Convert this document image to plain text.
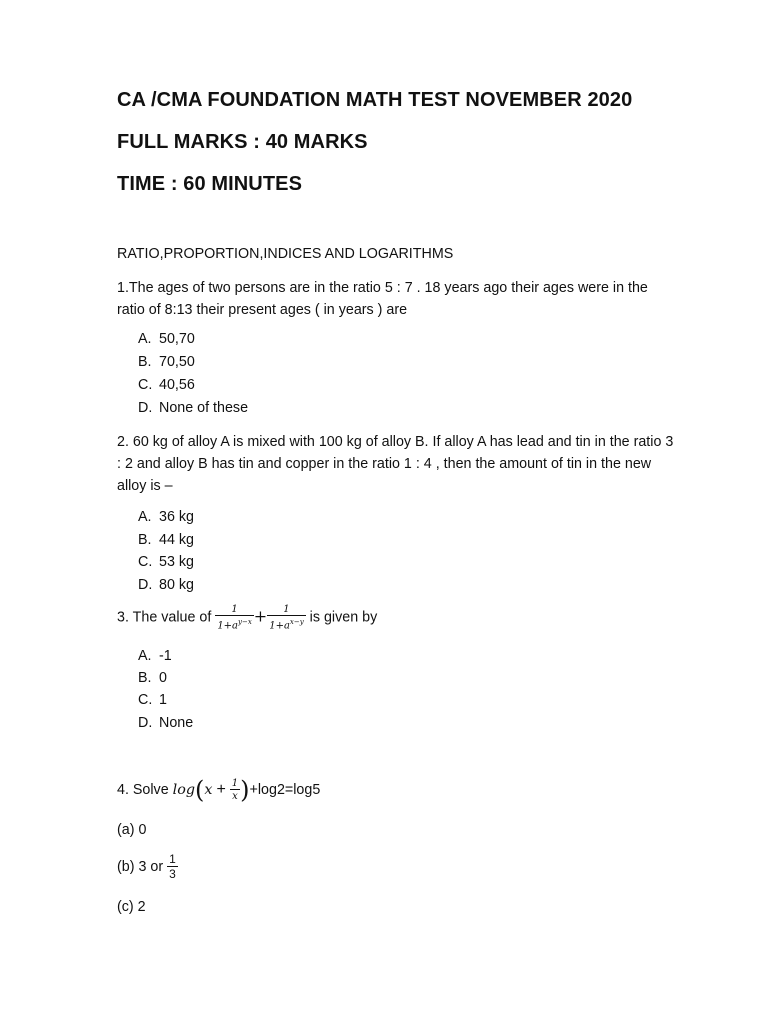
CA /CMA FOUNDATION MATH TEST NOVEMBER 2020
FULL MARKS : 40 MARKS
TIME : 60 MINUTES
RATIO,PROPORTION,INDICES AND LOGARITHMS
1.The ages of two persons are in the ratio 5 : 7 . 18 years ago their ages were in the ratio of 8:13 their present ages ( in years ) are
A. 50,70
B. 70,50
C. 40,56
D. None of these
2. 60 kg of alloy A is mixed with 100 kg of alloy B. If alloy A has lead and tin in the ratio 3 : 2 and alloy B has tin and copper in the ratio 1 : 4 , then the amount of tin in the new alloy is –
A. 36 kg
B. 44 kg
C. 53 kg
D. 80 kg
3. The value of $\frac{1}{1+a^{y-x}} + \frac{1}{1+a^{x-y}}$ is given by
A. -1
B. 0
C. 1
D. None
4. Solve $\log(x + \frac{1}{x} )+\log 2=\log 5$
(a) 0
(b) 3 or $\frac{1}{3}$
(c) 2
